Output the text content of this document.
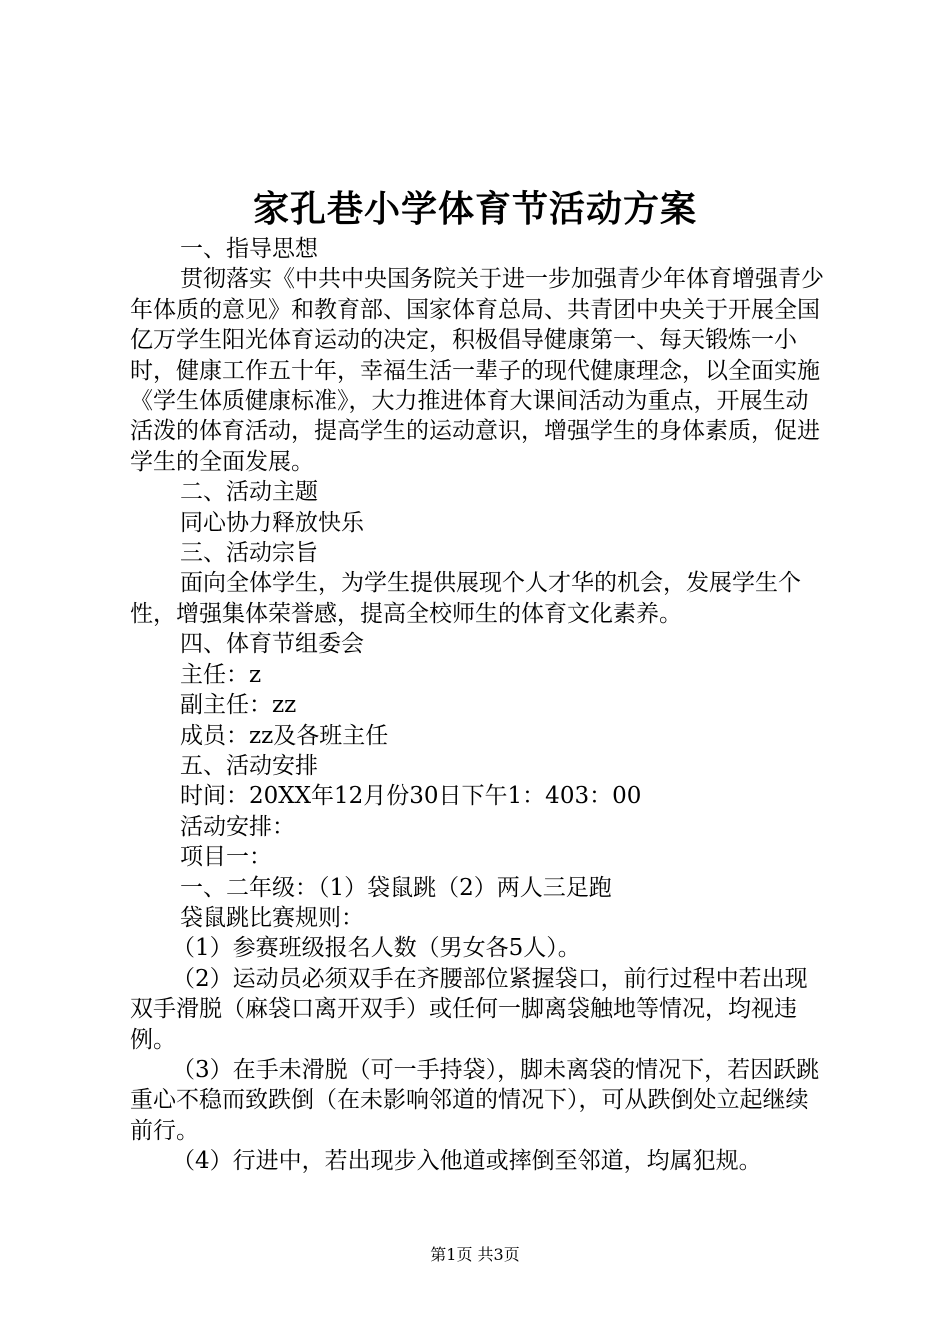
家孔巷小学体育节活动方案

一、指导思想

贯彻落实《中共中央国务院关于进一步加强青少年体育增强青少年体质的意见》和教育部、国家体育总局、共青团中央关于开展全国亿万学生阳光体育运动的决定，积极倡导健康第一、每天锻炼一小时，健康工作五十年，幸福生活一辈子的现代健康理念，以全面实施《学生体质健康标准》，大力推进体育大课间活动为重点，开展生动活泼的体育活动，提高学生的运动意识，增强学生的身体素质，促进学生的全面发展。

二、活动主题

同心协力释放快乐

三、活动宗旨

面向全体学生，为学生提供展现个人才华的机会，发展学生个性，增强集体荣誉感，提高全校师生的体育文化素养。

四、体育节组委会

主任：z

副主任：zz

成员：zz及各班主任

五、活动安排

时间：20XX年12月份30日下午1：403：00

活动安排：

项目一：

一、二年级：（1）袋鼠跳（2）两人三足跑

袋鼠跳比赛规则：

（1）参赛班级报名人数（男女各5人）。

（2）运动员必须双手在齐腰部位紧握袋口，前行过程中若出现双手滑脱（麻袋口离开双手）或任何一脚离袋触地等情况，均视违例。

（3）在手未滑脱（可一手持袋），脚未离袋的情况下，若因跃跳重心不稳而致跌倒（在未影响邻道的情况下），可从跌倒处立起继续前行。

（4）行进中，若出现步入他道或摔倒至邻道，均属犯规。

第1页 共3页
